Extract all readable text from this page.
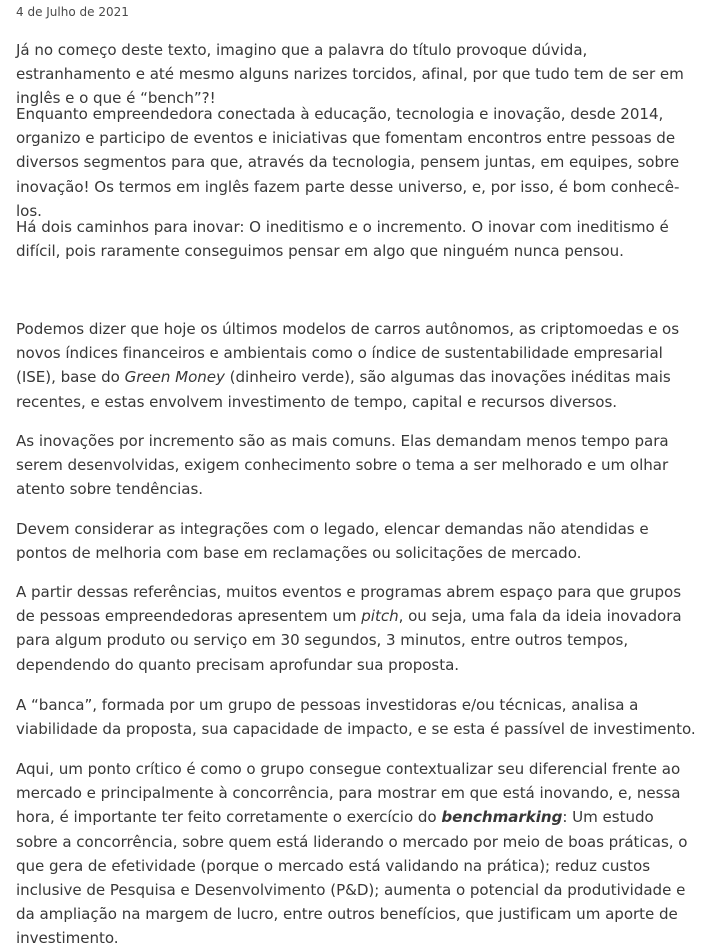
4 de Julho de 2021

Já no começo deste texto, imagino que a palavra do título provoque dúvida, estranhamento e até mesmo alguns narizes torcidos, afinal, por que tudo tem de ser em inglês e o que é “bench”?!

Enquanto empreendedora conectada à educação, tecnologia e inovação, desde 2014, organizo e participo de eventos e iniciativas que fomentam encontros entre pessoas de diversos segmentos para que, através da tecnologia, pensem juntas, em equipes, sobre inovação! Os termos em inglês fazem parte desse universo, e, por isso, é bom conhecê-los.

Há dois caminhos para inovar: O ineditismo e o incremento. O inovar com ineditismo é difícil, pois raramente conseguimos pensar em algo que ninguém nunca pensou.

Podemos dizer que hoje os últimos modelos de carros autônomos, as criptomoedas e os novos índices financeiros e ambientais como o índice de sustentabilidade empresarial (ISE), base do Green Money (dinheiro verde), são algumas das inovações inéditas mais recentes, e estas envolvem investimento de tempo, capital e recursos diversos.

As inovações por incremento são as mais comuns. Elas demandam menos tempo para serem desenvolvidas, exigem conhecimento sobre o tema a ser melhorado e um olhar atento sobre tendências.

Devem considerar as integrações com o legado, elencar demandas não atendidas e pontos de melhoria com base em reclamações ou solicitações de mercado.

A partir dessas referências, muitos eventos e programas abrem espaço para que grupos de pessoas empreendedoras apresentem um pitch, ou seja, uma fala da ideia inovadora para algum produto ou serviço em 30 segundos, 3 minutos, entre outros tempos, dependendo do quanto precisam aprofundar sua proposta.

A “banca”, formada por um grupo de pessoas investidoras e/ou técnicas, analisa a viabilidade da proposta, sua capacidade de impacto, e se esta é passível de investimento.

Aqui, um ponto crítico é como o grupo consegue contextualizar seu diferencial frente ao mercado e principalmente à concorrência, para mostrar em que está inovando, e, nessa hora, é importante ter feito corretamente o exercício do benchmarking: Um estudo sobre a concorrência, sobre quem está liderando o mercado por meio de boas práticas, o que gera de efetividade (porque o mercado está validando na prática); reduz custos inclusive de Pesquisa e Desenvolvimento (P&D); aumenta o potencial da produtividade e da ampliação na margem de lucro, entre outros benefícios, que justificam um aporte de investimento.
